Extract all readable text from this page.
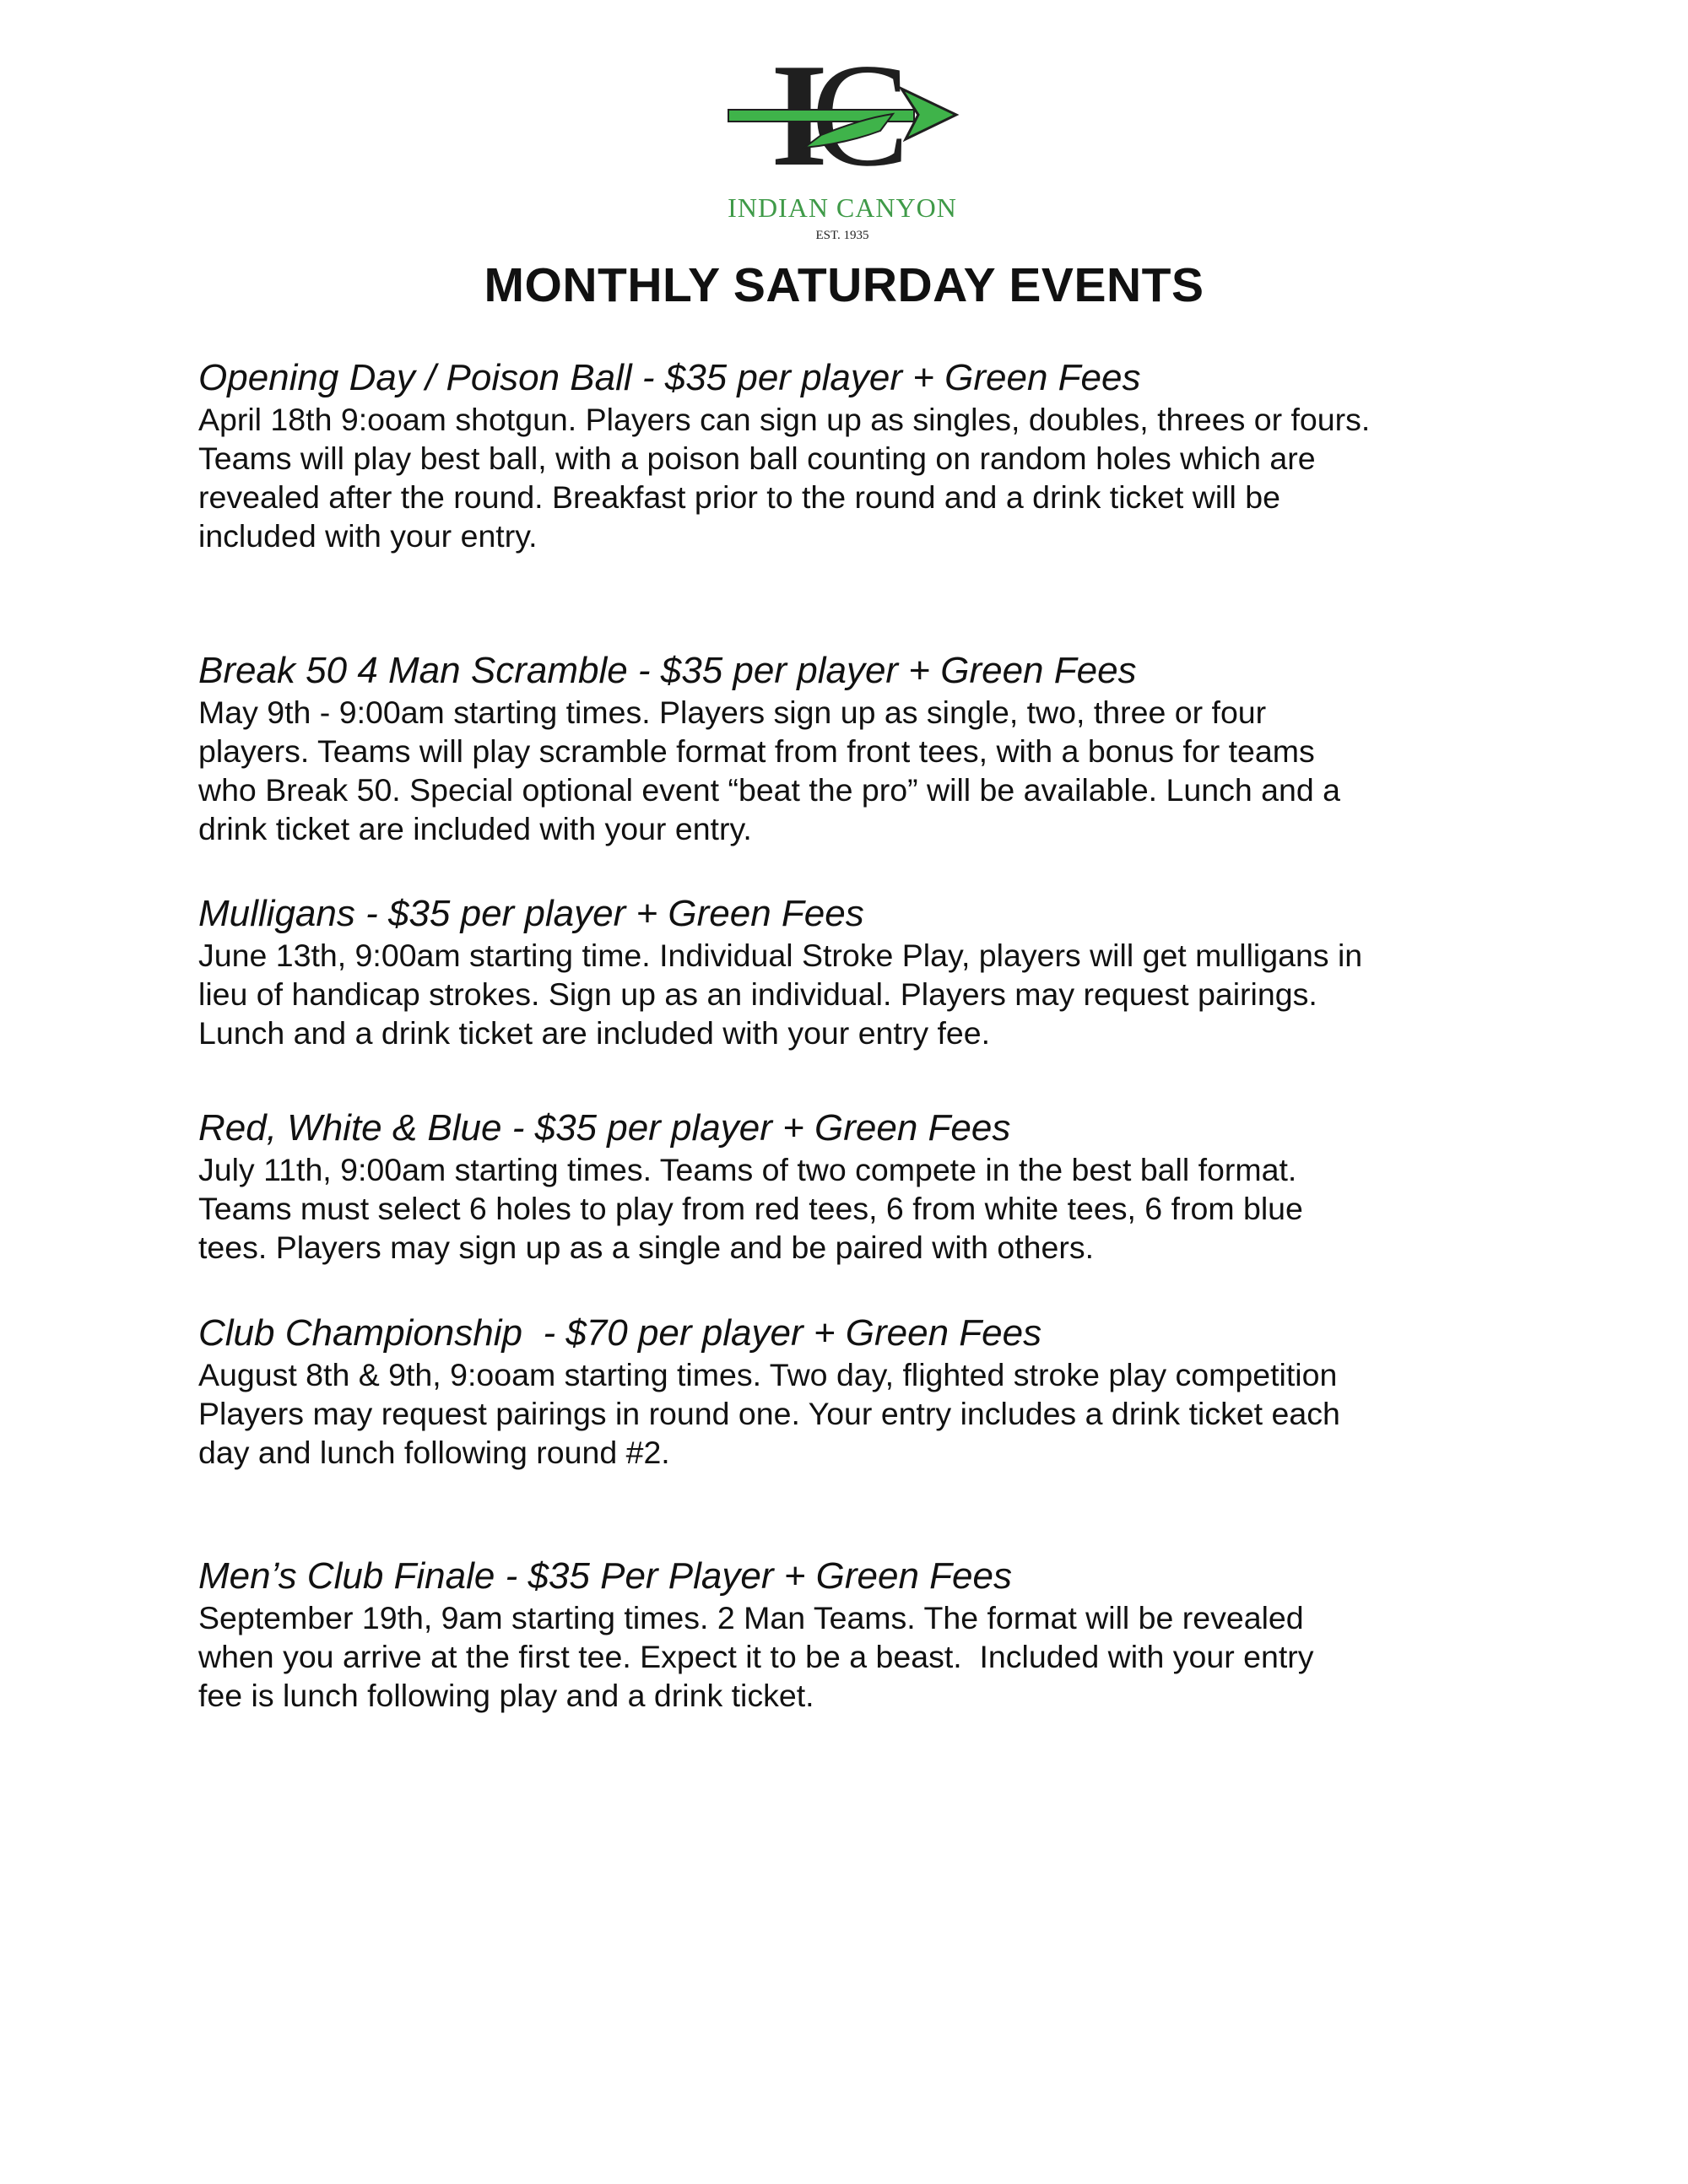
INDIAN CANYON
EST. 1935
MONTHLY SATURDAY EVENTS
Opening Day / Poison Ball - $35 per player + Green Fees
April 18th 9:ooam shotgun. Players can sign up as singles, doubles, threes or fours.
Teams will play best ball, with a poison ball counting on random holes which are
revealed after the round. Breakfast prior to the round and a drink ticket will be
included with your entry.
Break 50 4 Man Scramble - $35 per player + Green Fees
May 9th - 9:00am starting times. Players sign up as single, two, three or four
players. Teams will play scramble format from front tees, with a bonus for teams
who Break 50. Special optional event “beat the pro” will be available. Lunch and a
drink ticket are included with your entry.
Mulligans - $35 per player + Green Fees
June 13th, 9:00am starting time. Individual Stroke Play, players will get mulligans in
lieu of handicap strokes. Sign up as an individual. Players may request pairings.
Lunch and a drink ticket are included with your entry fee.
Red, White & Blue - $35 per player + Green Fees
July 11th, 9:00am starting times. Teams of two compete in the best ball format.
Teams must select 6 holes to play from red tees, 6 from white tees, 6 from blue
tees. Players may sign up as a single and be paired with others.
Club Championship  - $70 per player + Green Fees
August 8th & 9th, 9:ooam starting times. Two day, flighted stroke play competition
Players may request pairings in round one. Your entry includes a drink ticket each
day and lunch following round #2.
Men’s Club Finale - $35 Per Player + Green Fees
September 19th, 9am starting times. 2 Man Teams. The format will be revealed
when you arrive at the first tee. Expect it to be a beast.  Included with your entry
fee is lunch following play and a drink ticket.
